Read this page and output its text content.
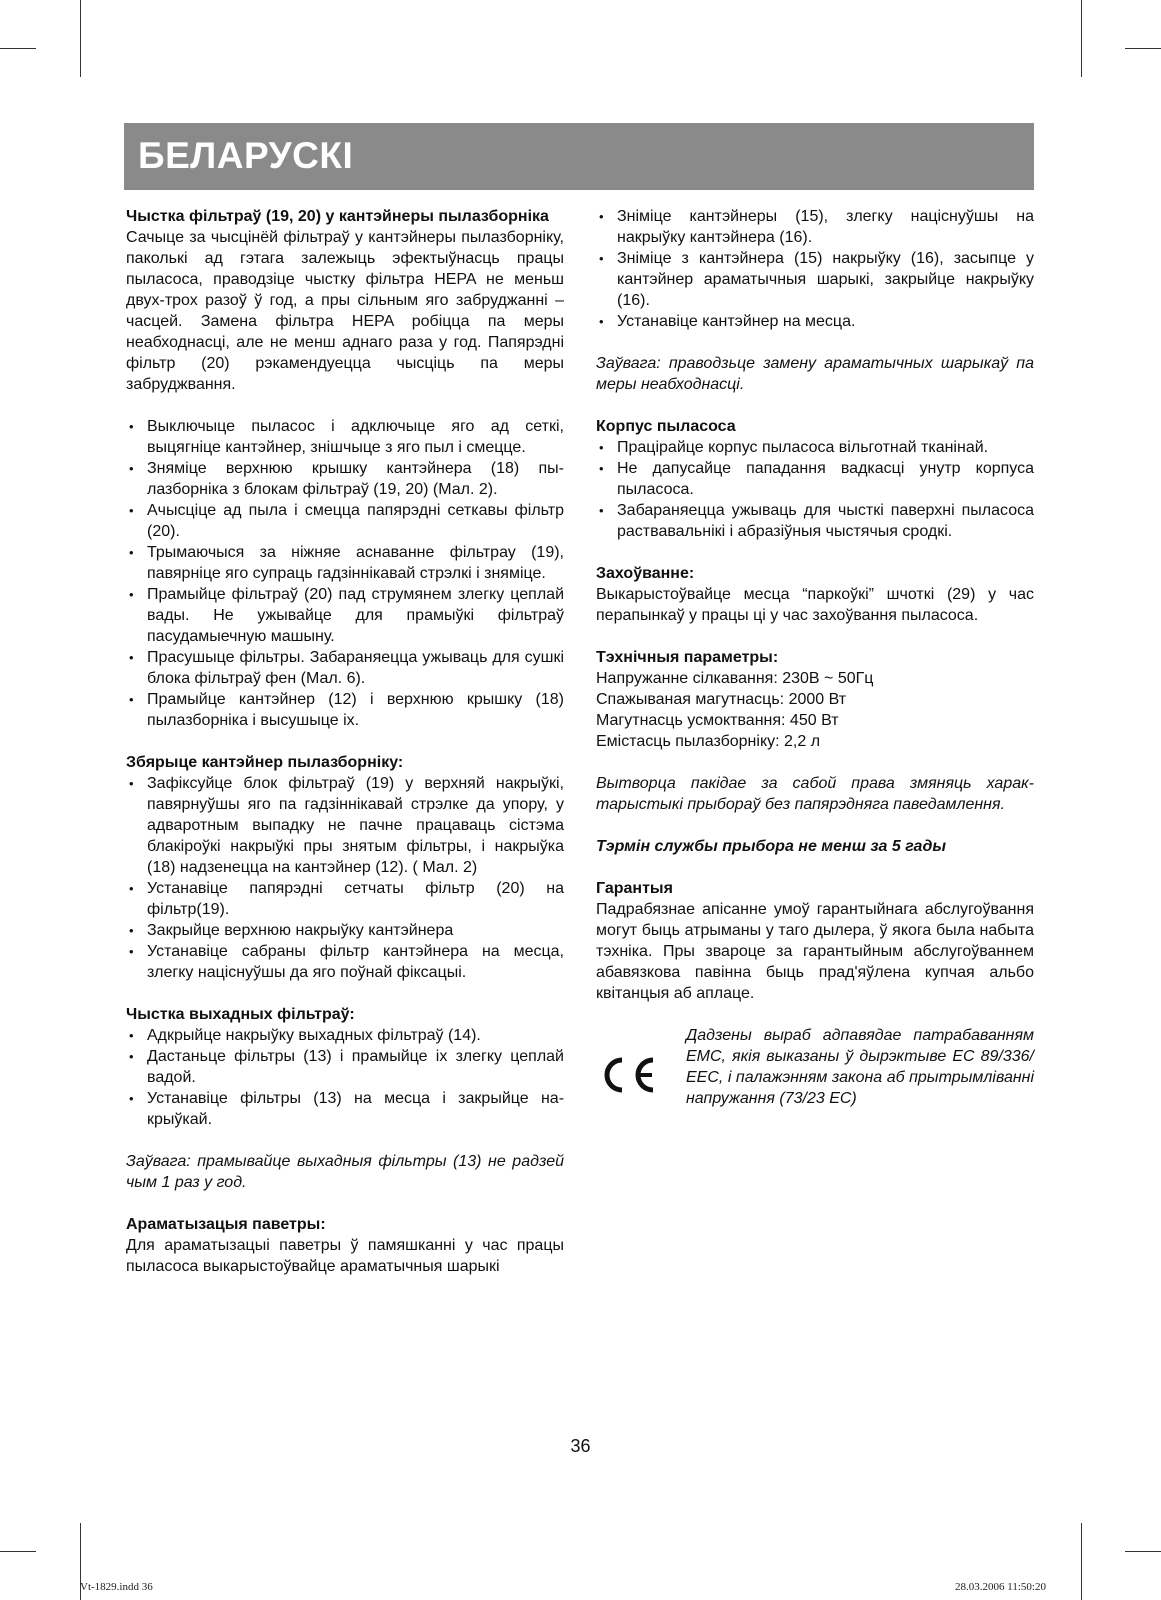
БЕЛАРУСКІ

Чыстка фільтраў (19, 20) у кантэйнеры пылазборніка

Сачыце за чысцiнёй фiльтраў у кантэйнеры пылазборнiку, паколькi ад гэтага залежыць эфектыўнасць працы пыласоса, праводзiце чыстку фiльтра HEPA не меньш двух-трох разоў ў год, а пры сiльным яго забруджаннi – часцей. Замена фiльтра HEPA робiцца па меры неабходнасцi, але не менш аднаго раза у год. Папярэднi фiльтр (20) рэкамендуецца чысцiць па меры забруджвання.

• Выключыце пыласос i адключыце яго ад сеткi, выцягнiце кантэйнер, знiшчыце з яго пыл i смецце.
• Зняміце верхнюю крышку кантэйнера (18) пылазборнiка з блокам фiльтраў (19, 20) (Мал. 2).
• Ачысцiце ад пыла i смецца папярэднi сеткавы фiльтр (20).
• Трымаючыся за нiжняе аснаванне фiльтрау (19), павярнiце яго супраць гадзiннiкавай стрэлкi i зняміце.
• Прамыйце фiльтраў (20) пад струмянем злегку цеплай вады. Не ужывайце для прамыўкi фiльтраў пасудамыечную машыну.
• Прасушыце фiльтры. Забараняецца ужываць для сушкi блока фiльтраў фен (Мал. 6).
• Прамыйце кантэйнер (12) i верхнюю крышку (18) пылазборнiка i высушыце iх.

Збярыце кантэйнер пылазборнiку:

• Зафiксуйце блок фiльтраў (19) у верхняй накрыўкi, павярнуўшы яго па гадзiннiкавай стрэлке да упору, у адваротным выпадку не пачне працаваць сiстэма блакiроўкi накрыўкi пры знятым фiльтры, i накрыўка (18) надзенецца на кантэйнер (12). ( Мал. 2)
• Устанавiце папярэднi сетчаты фiльтр (20) на фiльтр(19).
• Закрыйце верхнюю накрыўку кантэйнера
• Устанавiце сабраны фiльтр кантэйнера на месца, злегку нацiснуўшы да яго поўнай фiксацыi.

Чыстка выхадных фiльтраў:

• Адкрыйце накрыўку выхадных фiльтраў (14).
• Дастаньце фiльтры (13) i прамыйце iх злегку цеплай вадой.
• Устанавiце фiльтры (13) на месца i закрыйце накрыўкай.

Заўвага: прамывайце выхадныя фiльтры (13) не радзей чым 1 раз у год.

Араматызацыя паветры:

Для араматызацыi паветры ў памяшканнi у час працы пыласоса выкарыстоўвайце араматычныя шарыкi

• Знiмiце кантэйнеры (15), злегку нацiснуўшы на накрыўку кантэйнера (16).
• Знiмiце з кантэйнера (15) накрыўку (16), засыпце у кантэйнер араматычныя шарыкi, закрыйце накрыўку (16).
• Устанавiце кантэйнер на месца.

Заўвага: праводзьце замену араматычных шарыкаў па меры неабходнасцi.

Корпус пыласоса

• Працiрайце корпус пыласоса вiльготнай тканінай.
• Не дапусайце пападання вадкасцi унутр корпуса пыласоса.
• Забараняецца ужываць для чысткi паверхнi пыласоса раствавальнiкi i абразiўныя чыстячыя сродкi.

Захоўванне:

Выкарыстоўвайце месца “паркоўкi” шчоткi (29) у час перапынкаў у працы цi у час захоўвання пыласоса.

Тэхнiчныя параметры:

Напружанне сiлкавання: 230В ~ 50Гц

Спажываная магутнасць: 2000 Вт

Магутнасць усмоктвання: 450 Вт

Емiстасць пылазборнiку: 2,2 л

Вытворца пакiдае за сабой права змяняць характарыстыкi прыбораў без папярэдняга паведамлення.

Тэрмiн службы прыбора не менш за 5 гады

Гарантыя

Падрабязнае апiсанне умоў гарантыйнага абслугоўвання могут быць атрыманы у таго дылера, ў якога была набыта тэхнiка. Пры звароце за гарантыйным абслугоўваннем абавязкова павiнна быць прад'яўлена купчая альбо квiтанцыя аб аплаце.

Дадзены выраб адпавядае патрабаванням ЕМС, якiя выказаны ў дырэктыве ЕС 89/336/ЕЕС, i палажэнням закона аб прытрымлiваннi напружання (73/23 ЕС)
36
Vt-1829.indd 36	28.03.2006 11:50:20
